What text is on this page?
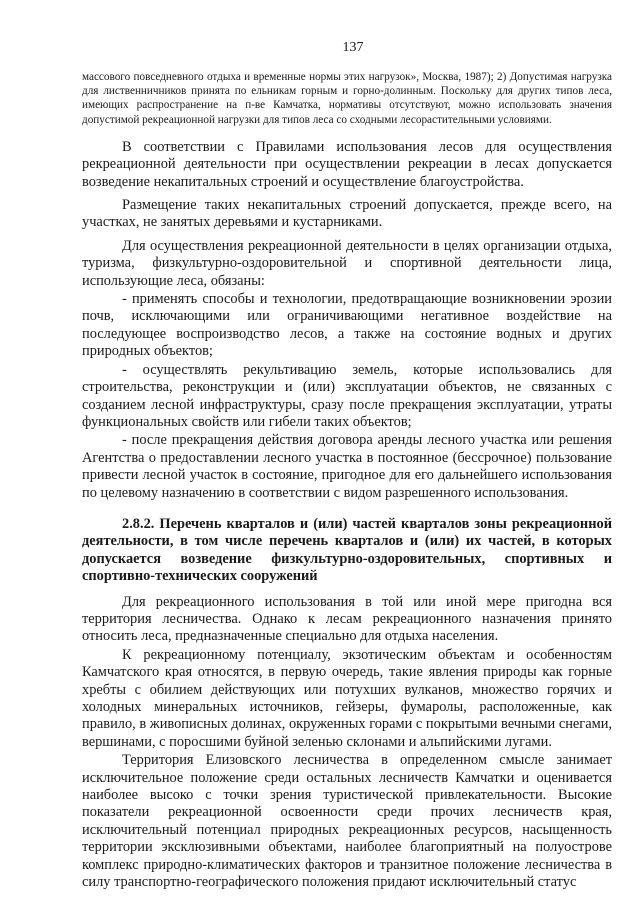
137

массового повседневного отдыха и временные нормы этих нагрузок», Москва, 1987); 2) Допустимая нагрузка для лиственничников принята по ельникам горным и горно-долинным. Поскольку для других типов леса, имеющих распространение на п-ве Камчатка, нормативы отсутствуют, можно использовать значения допустимой рекреационной нагрузки для типов леса со сходными лесорастительными условиями.

В соответствии с Правилами использования лесов для осуществления рекреационной деятельности при осуществлении рекреации в лесах допускается возведение некапитальных строений и осуществление благоустройства.

Размещение таких некапитальных строений допускается, прежде всего, на участках, не занятых деревьями и кустарниками.

Для осуществления рекреационной деятельности в целях организации отдыха, туризма, физкультурно-оздоровительной и спортивной деятельности лица, использующие леса, обязаны:

- применять способы и технологии, предотвращающие возникновении эрозии почв, исключающими или ограничивающими негативное воздействие на последующее воспроизводство лесов, а также на состояние водных и других природных объектов;

- осуществлять рекультивацию земель, которые использовались для строительства, реконструкции и (или) эксплуатации объектов, не связанных с созданием лесной инфраструктуры, сразу после прекращения эксплуатации, утраты функциональных свойств или гибели таких объектов;

- после прекращения действия договора аренды лесного участка или решения Агентства о предоставлении лесного участка в постоянное (бессрочное) пользование привести лесной участок в состояние, пригодное для его дальнейшего использования по целевому назначению в соответствии с видом разрешенного использования.

2.8.2. Перечень кварталов и (или) частей кварталов зоны рекреационной деятельности, в том числе перечень кварталов и (или) их частей, в которых допускается возведение физкультурно-оздоровительных, спортивных и спортивно-технических сооружений

Для рекреационного использования в той или иной мере пригодна вся территория лесничества. Однако к лесам рекреационного назначения принято относить леса, предназначенные специально для отдыха населения.

К рекреационному потенциалу, экзотическим объектам и особенностям Камчатского края относятся, в первую очередь, такие явления природы как горные хребты с обилием действующих или потухших вулканов, множество горячих и холодных минеральных источников, гейзеры, фумаролы, расположенные, как правило, в живописных долинах, окруженных горами с покрытыми вечными снегами, вершинами, с поросшими буйной зеленью склонами и альпийскими лугами.

Территория Елизовского лесничества в определенном смысле занимает исключительное положение среди остальных лесничеств Камчатки и оценивается наиболее высоко с точки зрения туристической привлекательности. Высокие показатели рекреационной освоенности среди прочих лесничеств края, исключительный потенциал природных рекреационных ресурсов, насыщенность территории эксклюзивными объектами, наиболее благоприятный на полуострове комплекс природно-климатических факторов и транзитное положение лесничества в силу транспортно-географического положения придают исключительный статус
